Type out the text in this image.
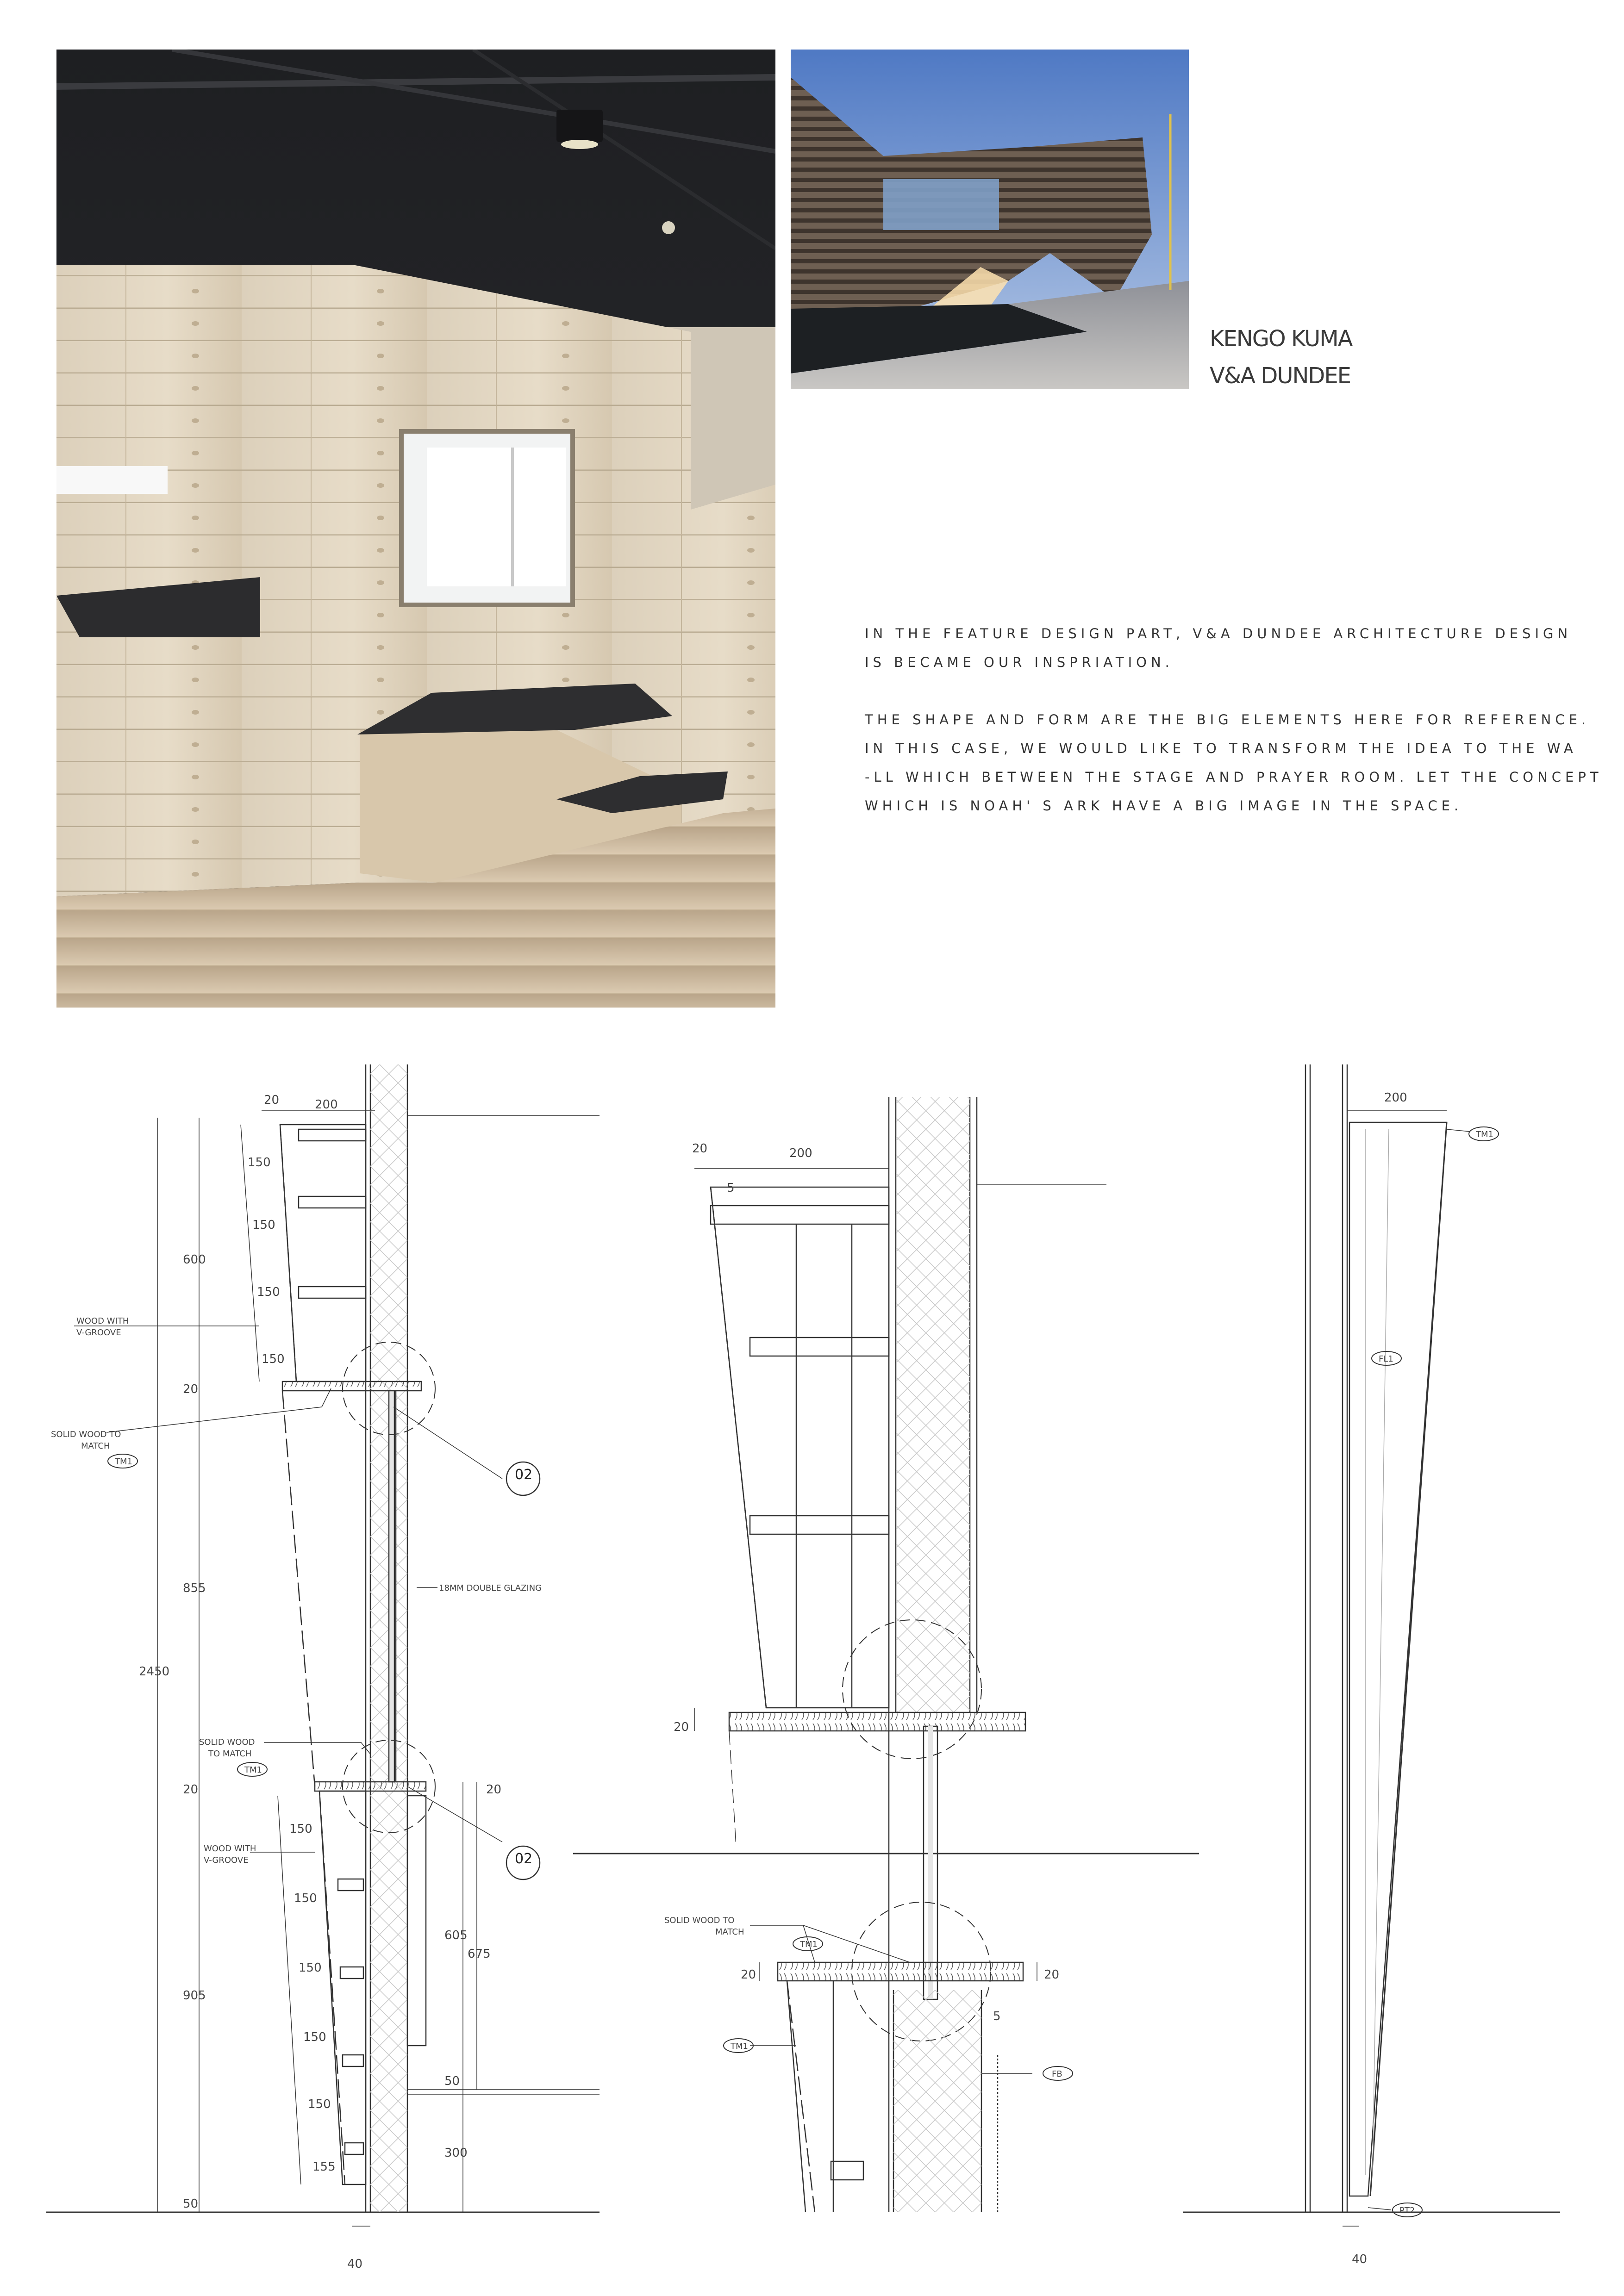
KENGO KUMA
V&A DUNDEE
IN THE FEATURE DESIGN PART, V&A DUNDEE ARCHITECTURE DESIGN
IS BECAME OUR INSPRIATION.
THE SHAPE AND FORM ARE THE BIG ELEMENTS HERE FOR REFERENCE.
IN THIS CASE, WE WOULD LIKE TO TRANSFORM THE IDEA TO THE WA
-LL WHICH BETWEEN THE STAGE AND PRAYER ROOM. LET THE CONCEPT
WHICH IS NOAH' S ARK HAVE A BIG IMAGE IN THE SPACE.
20	200
150
150
150
150
600
20
855
2450
20	20
150
150
150
150
150
155
905
605
675
50
300
50
40
WOOD WITH
V-GROOVE
SOLID WOOD TO
MATCH
18MM DOUBLE GLAZING
SOLID WOOD
TO MATCH
WOOD WITH
V-GROOVE
TM1
TM1
02
02
20	200
20
20	20
5
5
SOLID WOOD TO
MATCH
TM1
TM1
FB
200
40
TM1
FL1
PT2
